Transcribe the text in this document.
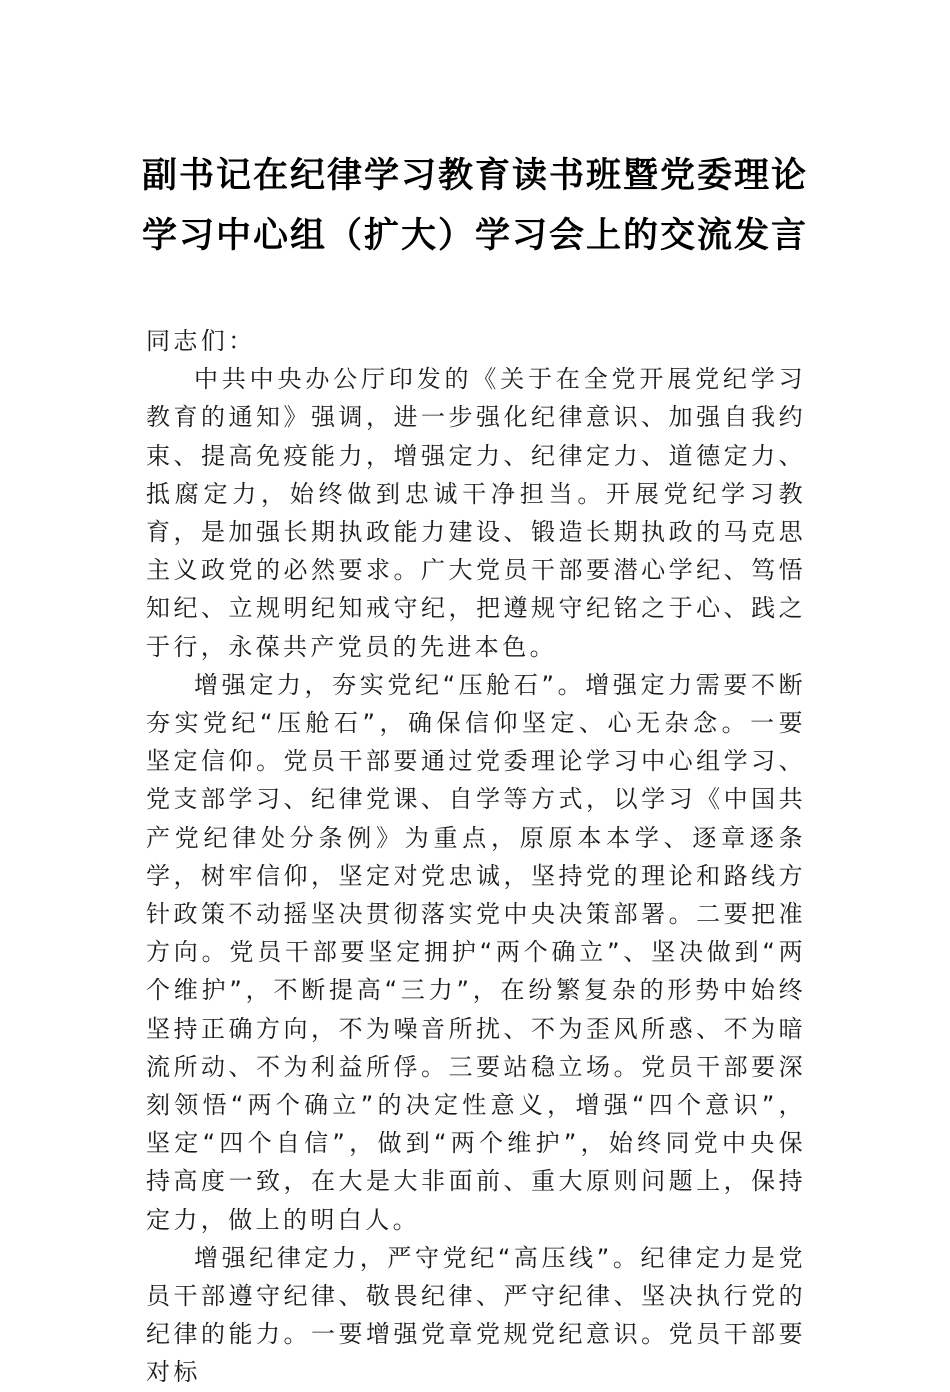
副书记在纪律学习教育读书班暨党委理论
学习中心组（扩大）学习会上的交流发言

同志们：

中共中央办公厅印发的《关于在全党开展党纪学习教育的通知》强调，进一步强化纪律意识、加强自我约束、提高免疫能力，增强定力、纪律定力、道德定力、抵腐定力，始终做到忠诚干净担当。开展党纪学习教育，是加强长期执政能力建设、锻造长期执政的马克思主义政党的必然要求。广大党员干部要潜心学纪、笃悟知纪、立规明纪知戒守纪，把遵规守纪铭之于心、践之于行，永葆共产党员的先进本色。

增强定力，夯实党纪“压舱石”。增强定力需要不断夯实党纪“压舱石”，确保信仰坚定、心无杂念。一要坚定信仰。党员干部要通过党委理论学习中心组学习、党支部学习、纪律党课、自学等方式，以学习《中国共产党纪律处分条例》为重点，原原本本学、逐章逐条学，树牢信仰，坚定对党忠诚，坚持党的理论和路线方针政策不动摇坚决贯彻落实党中央决策部署。二要把准方向。党员干部要坚定拥护“两个确立”、坚决做到“两个维护”，不断提高“三力”，在纷繁复杂的形势中始终坚持正确方向，不为噪音所扰、不为歪风所惑、不为暗流所动、不为利益所俘。三要站稳立场。党员干部要深刻领悟“两个确立”的决定性意义，增强“四个意识”，坚定“四个自信”，做到“两个维护”，始终同党中央保持高度一致，在大是大非面前、重大原则问题上，保持定力，做上的明白人。

增强纪律定力，严守党纪“高压线”。纪律定力是党员干部遵守纪律、敬畏纪律、严守纪律、坚决执行党的纪律的能力。一要增强党章党规党纪意识。党员干部要对标
